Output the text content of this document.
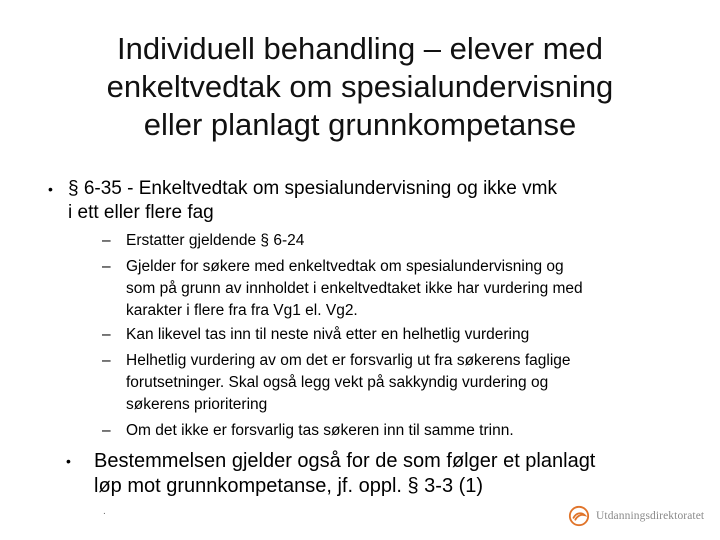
Individuell behandling – elever med
enkeltvedtak om spesialundervisning
eller planlagt grunnkompetanse
• § 6-35 - Enkeltvedtak om spesialundervisning og ikke vmk
i ett eller flere fag
– Erstatter gjeldende § 6-24
– Gjelder for søkere med enkeltvedtak om spesialundervisning og
som på grunn av innholdet i enkeltvedtaket ikke har vurdering med
karakter i flere fra fra Vg1 el. Vg2.
– Kan likevel tas inn til neste nivå etter en helhetlig vurdering
– Helhetlig vurdering av om det er forsvarlig ut fra søkerens faglige
forutsetninger. Skal også legg vekt på sakkyndig vurdering og
søkerens prioritering
– Om det ikke er forsvarlig tas søkeren inn til samme trinn.
• Bestemmelsen gjelder også for de som følger et planlagt
løp mot grunnkompetanse, jf. oppl. § 3-3 (1)
.	Utdanningsdirektoratet
